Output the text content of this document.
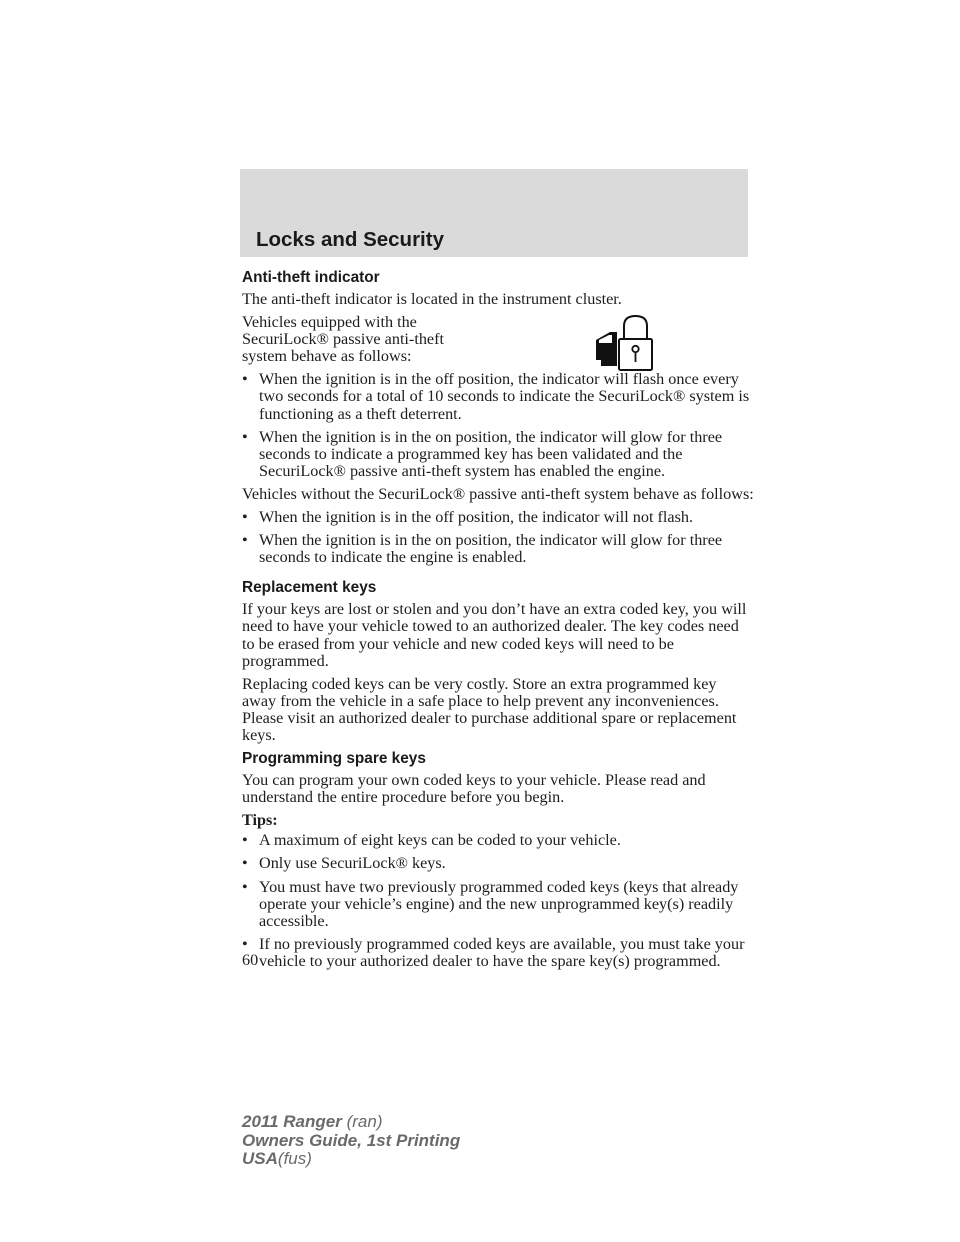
Locks and Security
Anti-theft indicator

The anti-theft indicator is located in the instrument cluster.

Vehicles equipped with the SecuriLock® passive anti-theft system behave as follows:

• When the ignition is in the off position, the indicator will flash once every two seconds for a total of 10 seconds to indicate the SecuriLock® system is functioning as a theft deterrent.
• When the ignition is in the on position, the indicator will glow for three seconds to indicate a programmed key has been validated and the SecuriLock® passive anti-theft system has enabled the engine.

Vehicles without the SecuriLock® passive anti-theft system behave as follows:

• When the ignition is in the off position, the indicator will not flash.
• When the ignition is in the on position, the indicator will glow for three seconds to indicate the engine is enabled.
Replacement keys

If your keys are lost or stolen and you don’t have an extra coded key, you will need to have your vehicle towed to an authorized dealer. The key codes need to be erased from your vehicle and new coded keys will need to be programmed.

Replacing coded keys can be very costly. Store an extra programmed key away from the vehicle in a safe place to help prevent any inconveniences. Please visit an authorized dealer to purchase additional spare or replacement keys.

Programming spare keys

You can program your own coded keys to your vehicle. Please read and understand the entire procedure before you begin.

Tips:
• A maximum of eight keys can be coded to your vehicle.
• Only use SecuriLock® keys.
• You must have two previously programmed coded keys (keys that already operate your vehicle’s engine) and the new unprogrammed key(s) readily accessible.
• If no previously programmed coded keys are available, you must take your vehicle to your authorized dealer to have the spare key(s) programmed.
60
2011 Ranger (ran)
Owners Guide, 1st Printing
USA(fus)
